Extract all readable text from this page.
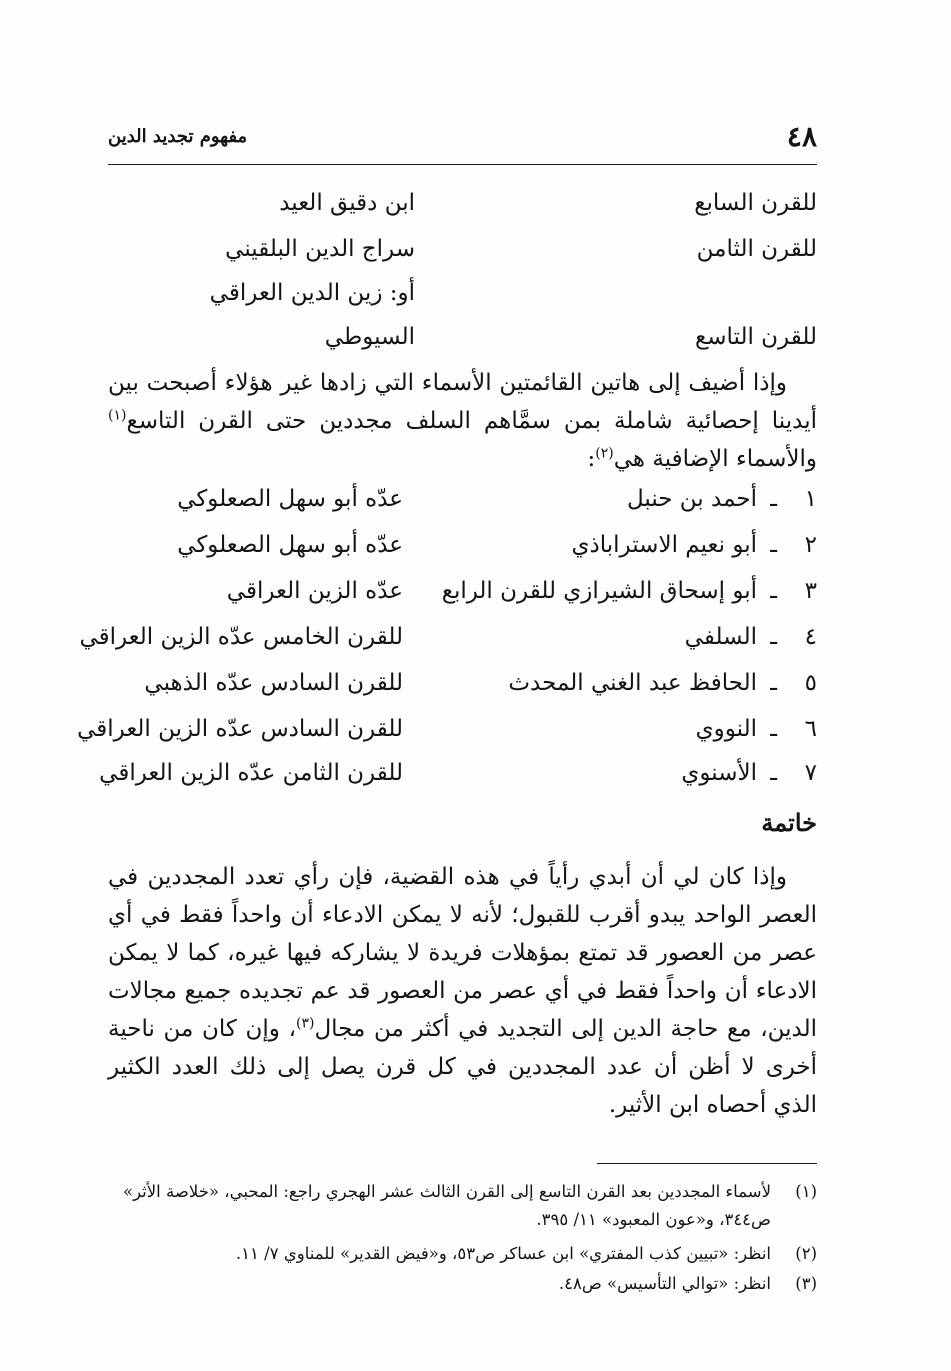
٤٨
مفهوم تجديد الدين
للقرن السابع
ابن دقيق العيد
للقرن الثامن
سراج الدين البلقيني
أو: زين الدين العراقي
للقرن التاسع
السيوطي
وإذا أضيف إلى هاتين القائمتين الأسماء التي زادها غير هؤلاء أصبحت بين أيدينا إحصائية شاملة بمن سمَّاهم السلف مجددين حتى القرن التاسع$^{(١)}$ والأسماء الإضافية هي$^{(٢)}$:
١
ـ
أحمد بن حنبل
عدّه أبو سهل الصعلوكي
٢
ـ
أبو نعيم الاستراباذي
عدّه أبو سهل الصعلوكي
٣
ـ
أبو إسحاق الشيرازي للقرن الرابع
عدّه الزين العراقي
٤
ـ
السلفي
للقرن الخامس عدّه الزين العراقي
٥
ـ
الحافظ عبد الغني المحدث
للقرن السادس عدّه الذهبي
٦
ـ
النووي
للقرن السادس عدّه الزين العراقي
٧
ـ
الأسنوي
للقرن الثامن عدّه الزين العراقي
خاتمة
وإذا كان لي أن أبدي رأياً في هذه القضية، فإن رأي تعدد المجددين في العصر الواحد يبدو أقرب للقبول؛ لأنه لا يمكن الادعاء أن واحداً فقط في أي عصر من العصور قد تمتع بمؤهلات فريدة لا يشاركه فيها غيره، كما لا يمكن الادعاء أن واحداً فقط في أي عصر من العصور قد عم تجديده جميع مجالات الدين، مع حاجة الدين إلى التجديد في أكثر من مجال$^{(٣)}$، وإن كان من ناحية أخرى لا أظن أن عدد المجددين في كل قرن يصل إلى ذلك العدد الكثير الذي أحصاه ابن الأثير.
(١)
لأسماء المجددين بعد القرن التاسع إلى القرن الثالث عشر الهجري راجع: المحبي، «خلاصة الأثر» ص٣٤٤، و«عون المعبود» ١١/ ٣٩٥.
(٢)
انظر: «تبيين كذب المفتري» ابن عساكر ص٥٣، و«فيض القدير» للمناوي ٧/ ١١.
(٣)
انظر: «توالي التأسيس» ص٤٨.
